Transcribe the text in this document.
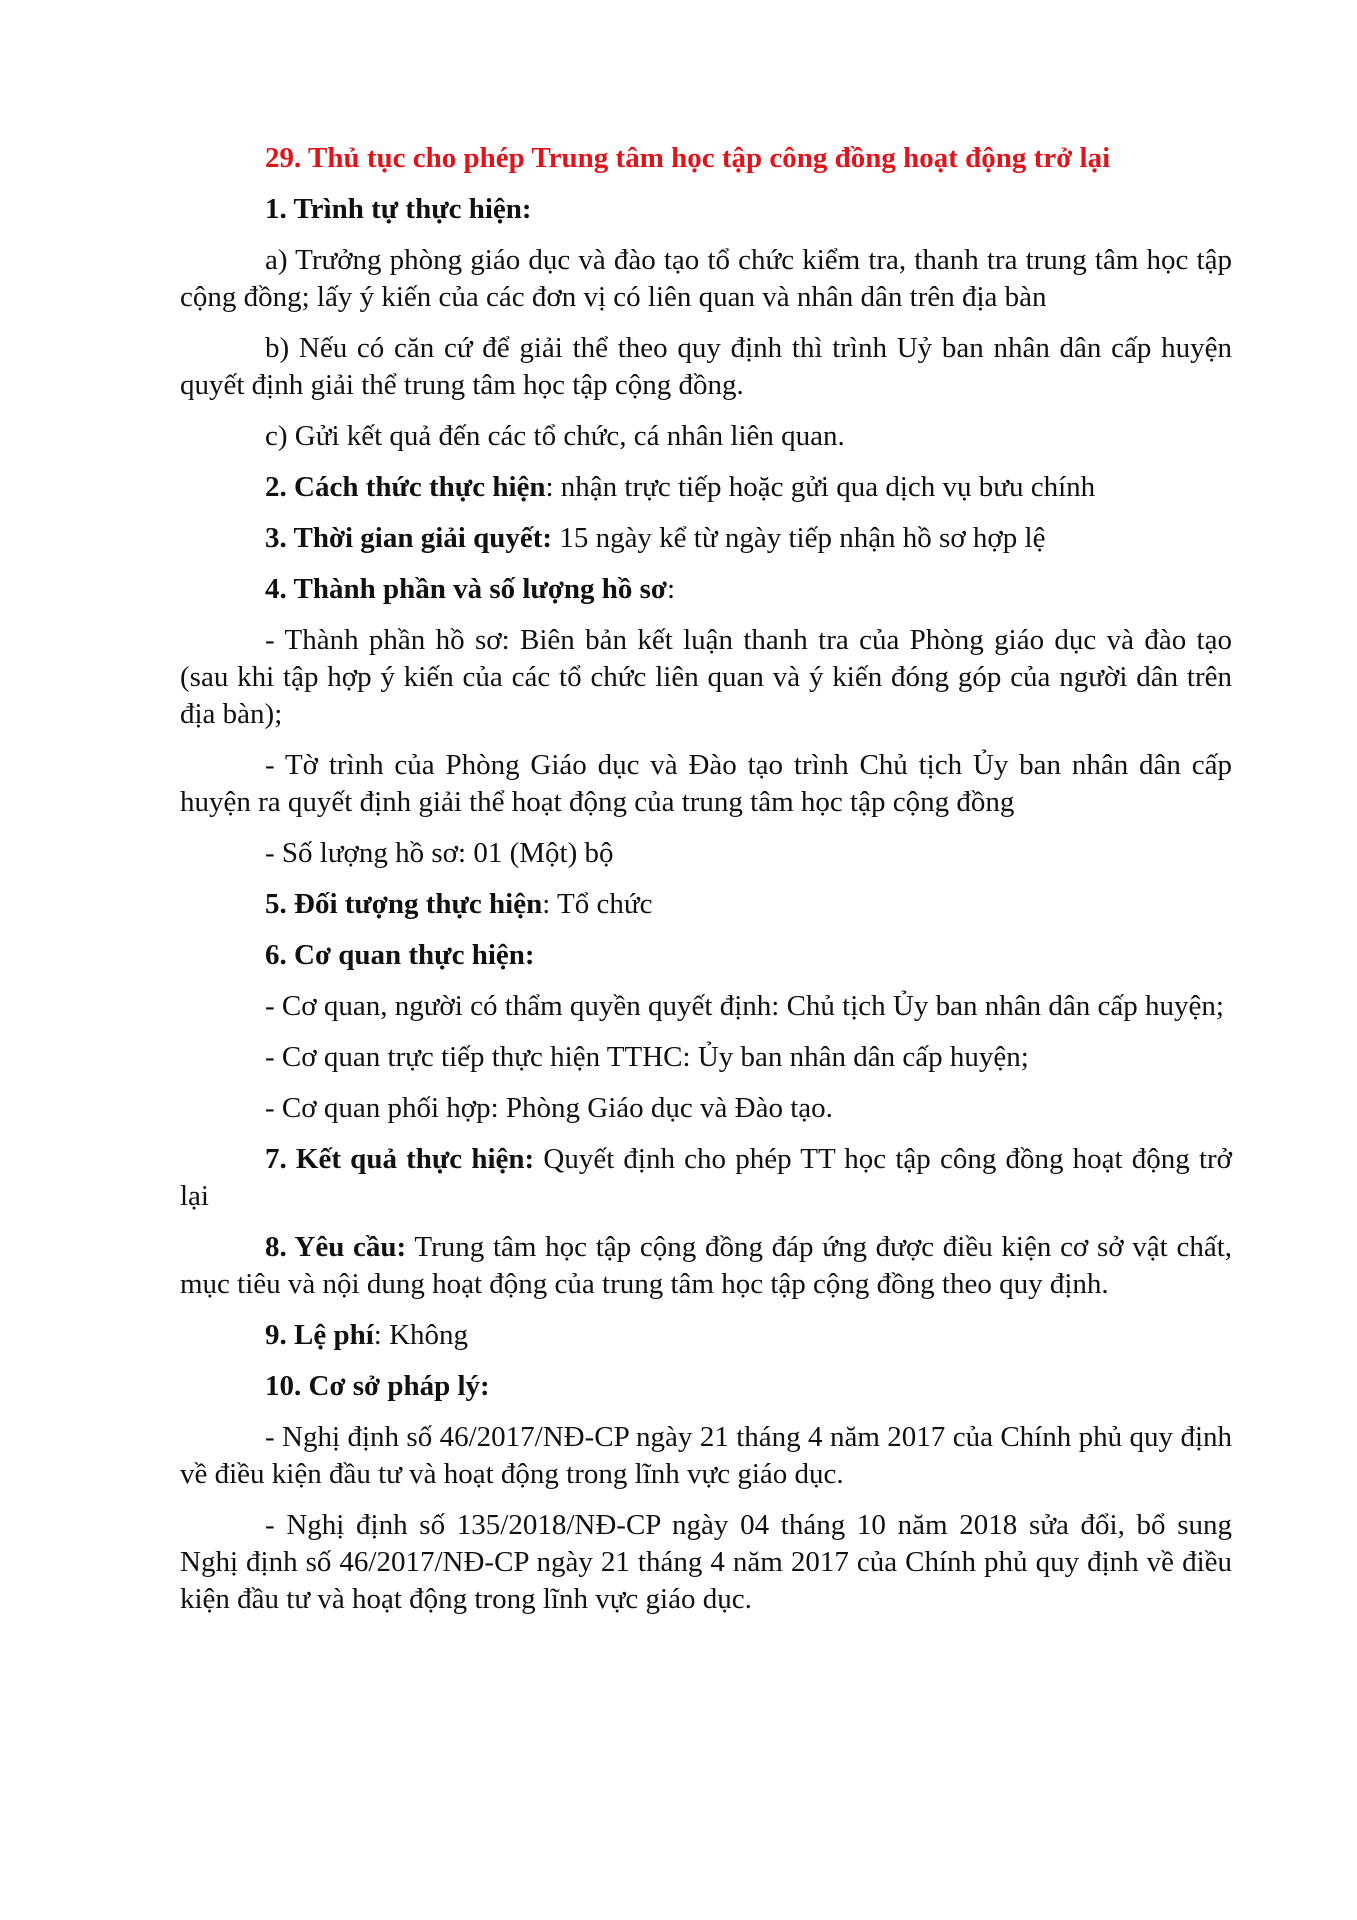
29. Thủ tục cho phép Trung tâm học tập công đồng hoạt động trở lại
1. Trình tự thực hiện:
a) Trưởng phòng giáo dục và đào tạo tổ chức kiểm tra, thanh tra trung tâm học tập cộng đồng; lấy ý kiến của các đơn vị có liên quan và nhân dân trên địa bàn
b) Nếu có căn cứ để giải thể theo quy định thì trình Uỷ ban nhân dân cấp huyện quyết định giải thể trung tâm học tập cộng đồng.
c) Gửi kết quả đến các tổ chức, cá nhân liên quan.
2. Cách thức thực hiện: nhận trực tiếp hoặc gửi qua dịch vụ bưu chính
3. Thời gian giải quyết: 15 ngày kể từ ngày tiếp nhận hồ sơ hợp lệ
4. Thành phần và số lượng hồ sơ:
- Thành phần hồ sơ: Biên bản kết luận thanh tra của Phòng giáo dục và đào tạo (sau khi tập hợp ý kiến của các tổ chức liên quan và ý kiến đóng góp của người dân trên địa bàn);
- Tờ trình của Phòng Giáo dục và Đào tạo trình Chủ tịch Ủy ban nhân dân cấp huyện ra quyết định giải thể hoạt động của trung tâm học tập cộng đồng
- Số lượng hồ sơ: 01 (Một) bộ
5. Đối tượng thực hiện: Tổ chức
6. Cơ quan thực hiện:
- Cơ quan, người có thẩm quyền quyết định: Chủ tịch Ủy ban nhân dân cấp huyện;
- Cơ quan trực tiếp thực hiện TTHC: Ủy ban nhân dân cấp huyện;
- Cơ quan phối hợp: Phòng Giáo dục và Đào tạo.
7. Kết quả thực hiện: Quyết định cho phép TT học tập công đồng hoạt động trở lại
8. Yêu cầu: Trung tâm học tập cộng đồng đáp ứng được điều kiện cơ sở vật chất, mục tiêu và nội dung hoạt động của trung tâm học tập cộng đồng theo quy định.
9. Lệ phí: Không
10. Cơ sở pháp lý:
- Nghị định số 46/2017/NĐ-CP ngày 21 tháng 4 năm 2017 của Chính phủ quy định về điều kiện đầu tư và hoạt động trong lĩnh vực giáo dục.
- Nghị định số 135/2018/NĐ-CP ngày 04 tháng 10 năm 2018 sửa đổi, bổ sung Nghị định số 46/2017/NĐ-CP ngày 21 tháng 4 năm 2017 của Chính phủ quy định về điều kiện đầu tư và hoạt động trong lĩnh vực giáo dục.
